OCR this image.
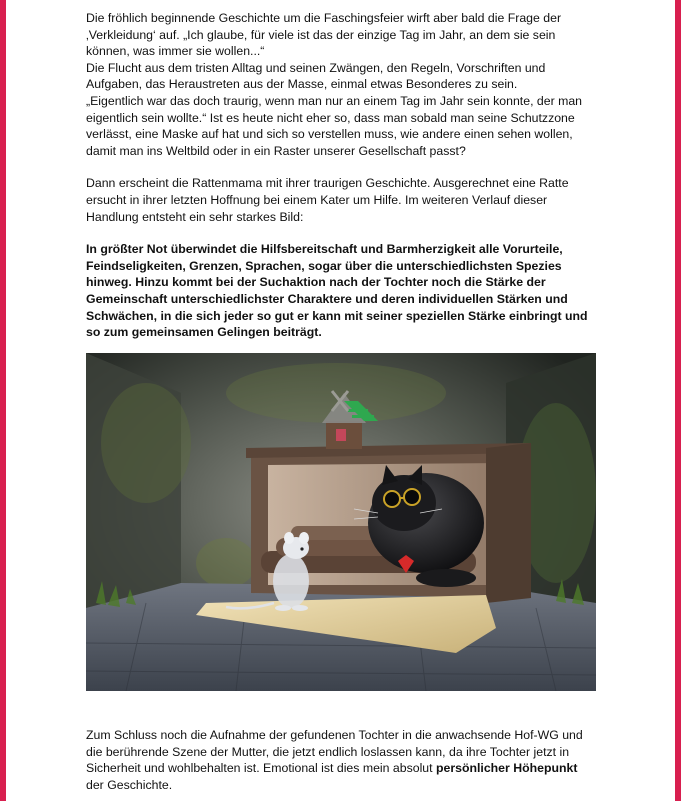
Die fröhlich beginnende Geschichte um die Faschingsfeier wirft aber bald die Frage der ‚Verkleidung‘ auf. „Ich glaube, für viele ist das der einzige Tag im Jahr, an dem sie sein können, was immer sie wollen...“

Die Flucht aus dem tristen Alltag und seinen Zwängen, den Regeln, Vorschriften und Aufgaben, das Heraustreten aus der Masse, einmal etwas Besonderes zu sein.

„Eigentlich war das doch traurig, wenn man nur an einem Tag im Jahr sein konnte, der man eigentlich sein wollte.“ Ist es heute nicht eher so, dass man sobald man seine Schutzzone verlässt, eine Maske auf hat und sich so verstellen muss, wie andere einen sehen wollen, damit man ins Weltbild oder in ein Raster unserer Gesellschaft passt?

Dann erscheint die Rattenmama mit ihrer traurigen Geschichte. Ausgerechnet eine Ratte ersucht in ihrer letzten Hoffnung bei einem Kater um Hilfe. Im weiteren Verlauf dieser Handlung entsteht ein sehr starkes Bild:

In größter Not überwindet die Hilfsbereitschaft und Barmherzigkeit alle Vorurteile, Feindseligkeiten, Grenzen, Sprachen, sogar über die unterschiedlichsten Spezies hinweg. Hinzu kommt bei der Suchaktion nach der Tochter noch die Stärke der Gemeinschaft unterschiedlichster Charaktere und deren individuellen Stärken und Schwächen, in die sich jeder so gut er kann mit seiner speziellen Stärke einbringt und so zum gemeinsamen Gelingen beiträgt.

Zum Schluss noch die Aufnahme der gefundenen Tochter in die anwachsende Hof-WG und die berührende Szene der Mutter, die jetzt endlich loslassen kann, da ihre Tochter jetzt in Sicherheit und wohlbehalten ist. Emotional ist dies mein absolut persönlicher Höhepunkt der Geschichte.
